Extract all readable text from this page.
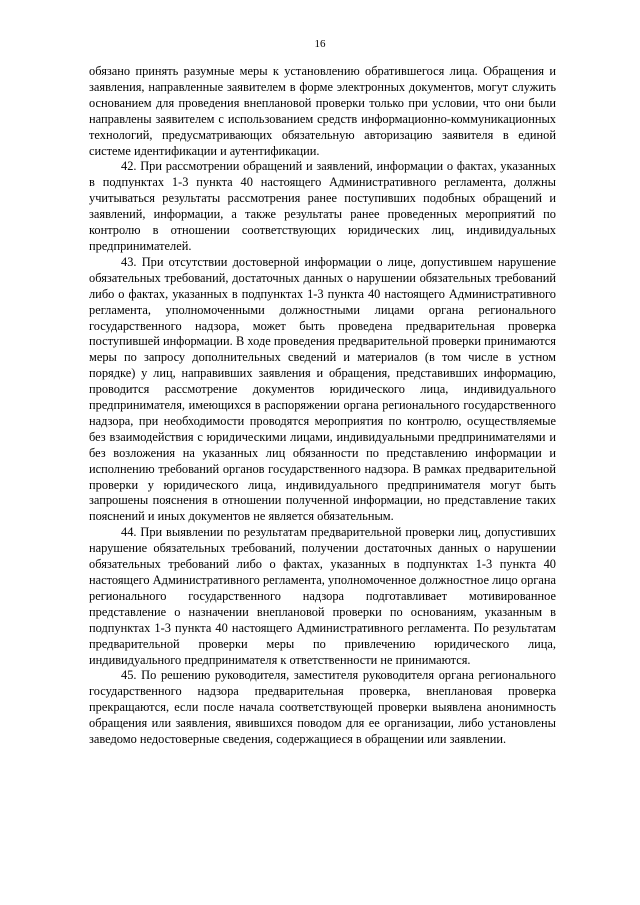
16

обязано принять разумные меры к установлению обратившегося лица. Обращения и заявления, направленные заявителем в форме электронных документов, могут служить основанием для проведения внеплановой проверки только при условии, что они были направлены заявителем с использованием средств информационно-коммуникационных технологий, предусматривающих обязательную авторизацию заявителя в единой системе идентификации и аутентификации.

42. При рассмотрении обращений и заявлений, информации о фактах, указанных в подпунктах 1-3 пункта 40 настоящего Административного регламента, должны учитываться результаты рассмотрения ранее поступивших подобных обращений и заявлений, информации, а также результаты ранее проведенных мероприятий по контролю в отношении соответствующих юридических лиц, индивидуальных предпринимателей.

43. При отсутствии достоверной информации о лице, допустившем нарушение обязательных требований, достаточных данных о нарушении обязательных требований либо о фактах, указанных в подпунктах 1-3 пункта 40 настоящего Административного регламента, уполномоченными должностными лицами органа регионального государственного надзора, может быть проведена предварительная проверка поступившей информации. В ходе проведения предварительной проверки принимаются меры по запросу дополнительных сведений и материалов (в том числе в устном порядке) у лиц, направивших заявления и обращения, представивших информацию, проводится рассмотрение документов юридического лица, индивидуального предпринимателя, имеющихся в распоряжении органа регионального государственного надзора, при необходимости проводятся мероприятия по контролю, осуществляемые без взаимодействия с юридическими лицами, индивидуальными предпринимателями и без возложения на указанных лиц обязанности по представлению информации и исполнению требований органов государственного надзора. В рамках предварительной проверки у юридического лица, индивидуального предпринимателя могут быть запрошены пояснения в отношении полученной информации, но представление таких пояснений и иных документов не является обязательным.

44. При выявлении по результатам предварительной проверки лиц, допустивших нарушение обязательных требований, получении достаточных данных о нарушении обязательных требований либо о фактах, указанных в подпунктах 1-3 пункта 40 настоящего Административного регламента, уполномоченное должностное лицо органа регионального государственного надзора подготавливает мотивированное представление о назначении внеплановой проверки по основаниям, указанным в подпунктах 1-3 пункта 40 настоящего Административного регламента. По результатам предварительной проверки меры по привлечению юридического лица, индивидуального предпринимателя к ответственности не принимаются.

45. По решению руководителя, заместителя руководителя органа регионального государственного надзора предварительная проверка, внеплановая проверка прекращаются, если после начала соответствующей проверки выявлена анонимность обращения или заявления, явившихся поводом для ее организации, либо установлены заведомо недостоверные сведения, содержащиеся в обращении или заявлении.
